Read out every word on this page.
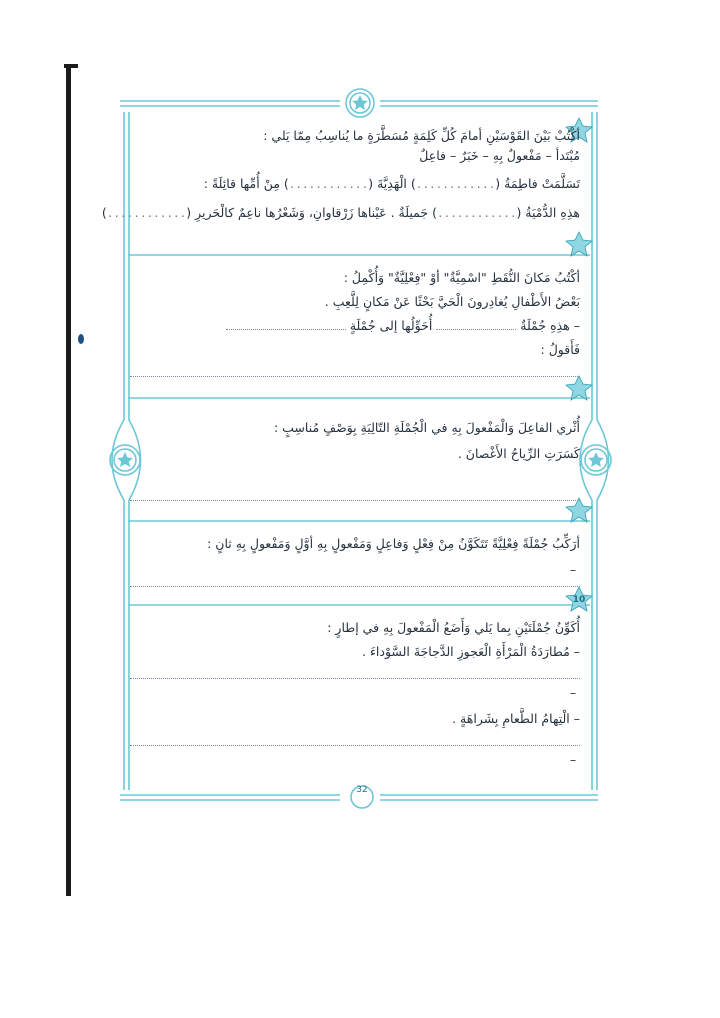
10
أكْتُبْ بَيْنَ القَوْسَيْنِ أمامَ كُلِّ كَلِمَةٍ مُسَطَّرَةٍ ما يُناسِبُ مِمّا يَلي :
مُبْتَدأ – مَفْعولٌ بِهِ – خَبَرٌ – فاعِلٌ
تَسَلَّمَتْ فاطِمَةُ (............) الْهَدِيَّةَ (............) مِنْ أُمِّها قائِلَةً :
هذِهِ الدُّمْيَةُ (............) جَميلَةٌ . عَيْناها زَرْقاوانِ، وَشَعْرُها ناعِمٌ كالْحَريرِ (............)
أكْتُبُ مَكانَ النُّقَطِ "اسْمِيَّةٌ" أوْ "فِعْلِيَّةٌ" وَأُكْمِلُ :
بَعْضُ الأَطْفالِ يُغادِرونَ الْحَيَّ بَحْثًا عَنْ مَكانٍ لِلَّعِبِ .
– هذِهِ جُمْلَةٌ  أُحَوِّلُها إلى جُمْلَةٍ
فَأَقولُ :
أُثْري الفاعِلَ وَالْمَفْعولَ بِهِ في الْجُمْلَةِ التّالِيَةِ بِوَصْفٍ مُناسِبٍ :
كَسَرَتِ الرِّياحُ الأَغْصانَ .
أرَكِّبُ جُمْلَةً فِعْلِيَّةً تَتَكَوَّنُ مِنْ فِعْلٍ وَفاعِلٍ وَمَفْعولٍ بِهِ أوَّلٍ وَمَفْعولٍ بِهِ ثانٍ :
–
أُكَوِّنُ جُمْلَتَيْنِ بِما يَلي وَأَضَعُ الْمَفْعولَ بِهِ في إطارٍ :
– مُطارَدَةُ الْمَرْأَةِ الْعَجوزِ الدَّجاجَةَ السَّوْداءَ .
–
– الْتِهامُ الطَّعامِ بِشَراهَةٍ .
–
32
